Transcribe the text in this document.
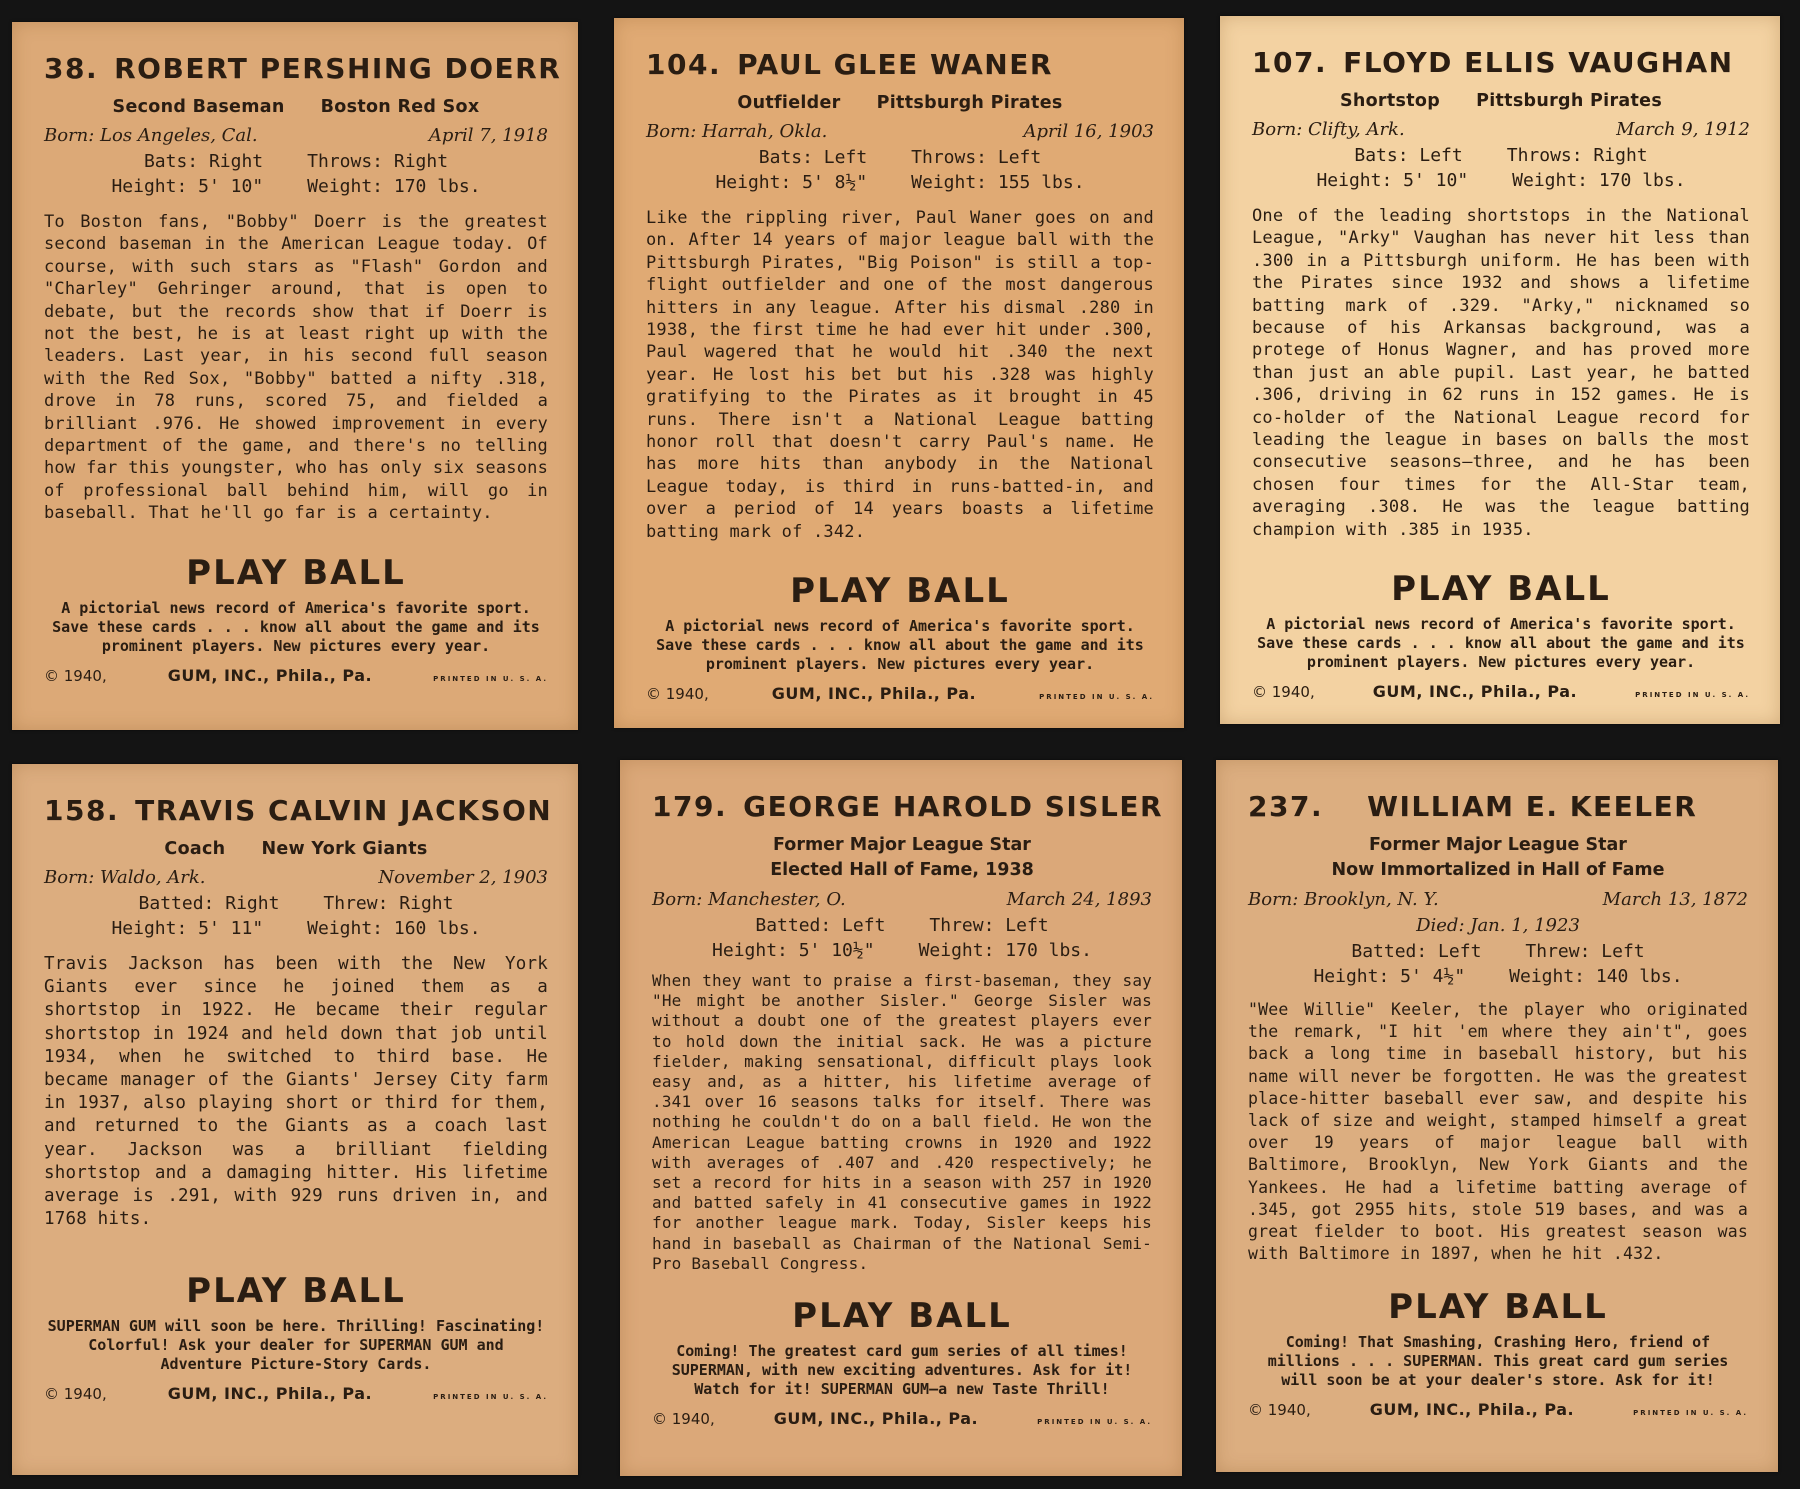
38. ROBERT PERSHING DOERR
Second Baseman Boston Red Sox
Born: Los Angeles, Cal.	April 7, 1918
Bats: Right Throws: Right
Height: 5' 10" Weight: 170 lbs.
To Boston fans, "Bobby" Doerr is the greatest second baseman in the American League today. Of course, with such stars as "Flash" Gordon and "Charley" Gehringer around, that is open to debate, but the records show that if Doerr is not the best, he is at least right up with the leaders. Last year, in his second full season with the Red Sox, "Bobby" batted a nifty .318, drove in 78 runs, scored 75, and fielded a brilliant .976. He showed improvement in every department of the game, and there's no telling how far this youngster, who has only six seasons of professional ball behind him, will go in baseball. That he'll go far is a certainty.
PLAY BALL
A pictorial news record of America's favorite sport. Save these cards . . . know all about the game and its prominent players. New pictures every year.
© 1940,	GUM, INC., Phila., Pa.	PRINTED IN U. S. A.
104. PAUL GLEE WANER
Outfielder Pittsburgh Pirates
Born: Harrah, Okla.	April 16, 1903
Bats: Left Throws: Left
Height: 5' 8½" Weight: 155 lbs.
Like the rippling river, Paul Waner goes on and on. After 14 years of major league ball with the Pittsburgh Pirates, "Big Poison" is still a top-flight outfielder and one of the most dangerous hitters in any league. After his dismal .280 in 1938, the first time he had ever hit under .300, Paul wagered that he would hit .340 the next year. He lost his bet but his .328 was highly gratifying to the Pirates as it brought in 45 runs. There isn't a National League batting honor roll that doesn't carry Paul's name. He has more hits than anybody in the National League today, is third in runs-batted-in, and over a period of 14 years boasts a lifetime batting mark of .342.
PLAY BALL
A pictorial news record of America's favorite sport. Save these cards . . . know all about the game and its prominent players. New pictures every year.
© 1940,	GUM, INC., Phila., Pa.	PRINTED IN U. S. A.
107. FLOYD ELLIS VAUGHAN
Shortstop Pittsburgh Pirates
Born: Clifty, Ark.	March 9, 1912
Bats: Left Throws: Right
Height: 5' 10" Weight: 170 lbs.
One of the leading shortstops in the National League, "Arky" Vaughan has never hit less than .300 in a Pittsburgh uniform. He has been with the Pirates since 1932 and shows a lifetime batting mark of .329. "Arky," nicknamed so because of his Arkansas background, was a protege of Honus Wagner, and has proved more than just an able pupil. Last year, he batted .306, driving in 62 runs in 152 games. He is co-holder of the National League record for leading the league in bases on balls the most consecutive seasons—three, and he has been chosen four times for the All-Star team, averaging .308. He was the league batting champion with .385 in 1935.
PLAY BALL
A pictorial news record of America's favorite sport. Save these cards . . . know all about the game and its prominent players. New pictures every year.
© 1940,	GUM, INC., Phila., Pa.	PRINTED IN U. S. A.
158. TRAVIS CALVIN JACKSON
Coach New York Giants
Born: Waldo, Ark.	November 2, 1903
Batted: Right Threw: Right
Height: 5' 11" Weight: 160 lbs.
Travis Jackson has been with the New York Giants ever since he joined them as a shortstop in 1922. He became their regular shortstop in 1924 and held down that job until 1934, when he switched to third base. He became manager of the Giants' Jersey City farm in 1937, also playing short or third for them, and returned to the Giants as a coach last year. Jackson was a brilliant fielding shortstop and a damaging hitter. His lifetime average is .291, with 929 runs driven in, and 1768 hits.
PLAY BALL
SUPERMAN GUM will soon be here. Thrilling! Fascinating! Colorful! Ask your dealer for SUPERMAN GUM and Adventure Picture-Story Cards.
© 1940,	GUM, INC., Phila., Pa.	PRINTED IN U. S. A.
179. GEORGE HAROLD SISLER
Former Major League Star
Elected Hall of Fame, 1938
Born: Manchester, O.	March 24, 1893
Batted: Left Threw: Left
Height: 5' 10½" Weight: 170 lbs.
When they want to praise a first-baseman, they say "He might be another Sisler." George Sisler was without a doubt one of the greatest players ever to hold down the initial sack. He was a picture fielder, making sensational, difficult plays look easy and, as a hitter, his lifetime average of .341 over 16 seasons talks for itself. There was nothing he couldn't do on a ball field. He won the American League batting crowns in 1920 and 1922 with averages of .407 and .420 respectively; he set a record for hits in a season with 257 in 1920 and batted safely in 41 consecutive games in 1922 for another league mark. Today, Sisler keeps his hand in baseball as Chairman of the National Semi-Pro Baseball Congress.
PLAY BALL
Coming! The greatest card gum series of all times! SUPERMAN, with new exciting adventures. Ask for it! Watch for it! SUPERMAN GUM—a new Taste Thrill!
© 1940,	GUM, INC., Phila., Pa.	PRINTED IN U. S. A.
237. WILLIAM E. KEELER
Former Major League Star
Now Immortalized in Hall of Fame
Born: Brooklyn, N. Y.	March 13, 1872
Died: Jan. 1, 1923
Batted: Left Threw: Left
Height: 5' 4½" Weight: 140 lbs.
"Wee Willie" Keeler, the player who originated the remark, "I hit 'em where they ain't", goes back a long time in baseball history, but his name will never be forgotten. He was the greatest place-hitter baseball ever saw, and despite his lack of size and weight, stamped himself a great over 19 years of major league ball with Baltimore, Brooklyn, New York Giants and the Yankees. He had a lifetime batting average of .345, got 2955 hits, stole 519 bases, and was a great fielder to boot. His greatest season was with Baltimore in 1897, when he hit .432.
PLAY BALL
Coming! That Smashing, Crashing Hero, friend of millions . . . SUPERMAN. This great card gum series will soon be at your dealer's store. Ask for it!
© 1940,	GUM, INC., Phila., Pa.	PRINTED IN U. S. A.
